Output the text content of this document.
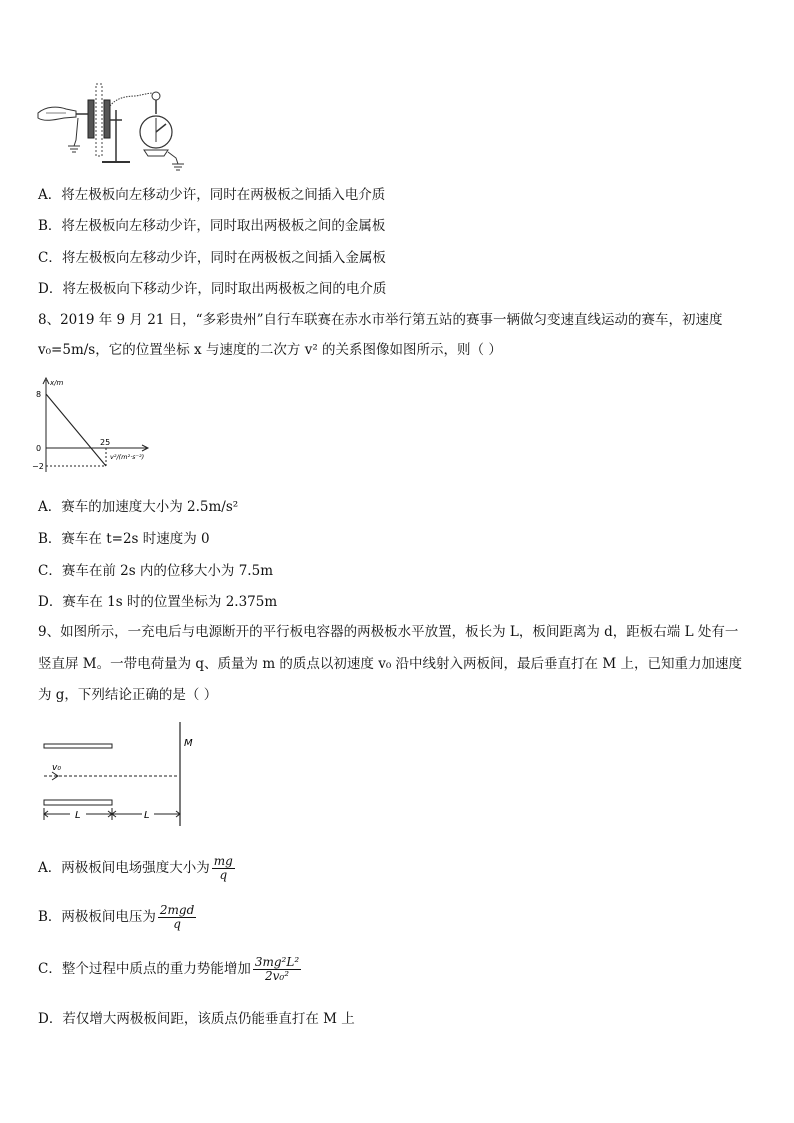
A．将左极板向左移动少许，同时在两极板之间插入电介质
B．将左极板向左移动少许，同时取出两极板之间的金属板
C．将左极板向左移动少许，同时在两极板之间插入金属板
D．将左极板向下移动少许，同时取出两极板之间的电介质
8、2019 年 9 月 21 日，“多彩贵州”自行车联赛在赤水市举行第五站的赛事一辆做匀变速直线运动的赛车，初速度
v₀=5m/s，它的位置坐标 x 与速度的二次方 v² 的关系图像如图所示，则（ ）
x/m
8
0
−2
25
v²/(m²·s⁻²)
A．赛车的加速度大小为 2.5m/s²
B．赛车在 t=2s 时速度为 0
C．赛车在前 2s 内的位移大小为 7.5m
D．赛车在 1s 时的位置坐标为 2.375m
9、如图所示，一充电后与电源断开的平行板电容器的两极板水平放置，板长为 L，板间距离为 d，距板右端 L 处有一
竖直屏 M。一带电荷量为 q、质量为 m 的质点以初速度 v₀ 沿中线射入两板间，最后垂直打在 M 上，已知重力加速度
为 g，下列结论正确的是（ ）
v₀
M
L	L
A．两极板间电场强度大小为 $\frac{mg}{q}$
B．两极板间电压为 $\frac{\text{2mgd}}{q}$
C．整个过程中质点的重力势能增加 $\frac{\text{3mg²L²}}{\text{2v₀²}}$
D．若仅增大两极板间距，该质点仍能垂直打在 M 上
